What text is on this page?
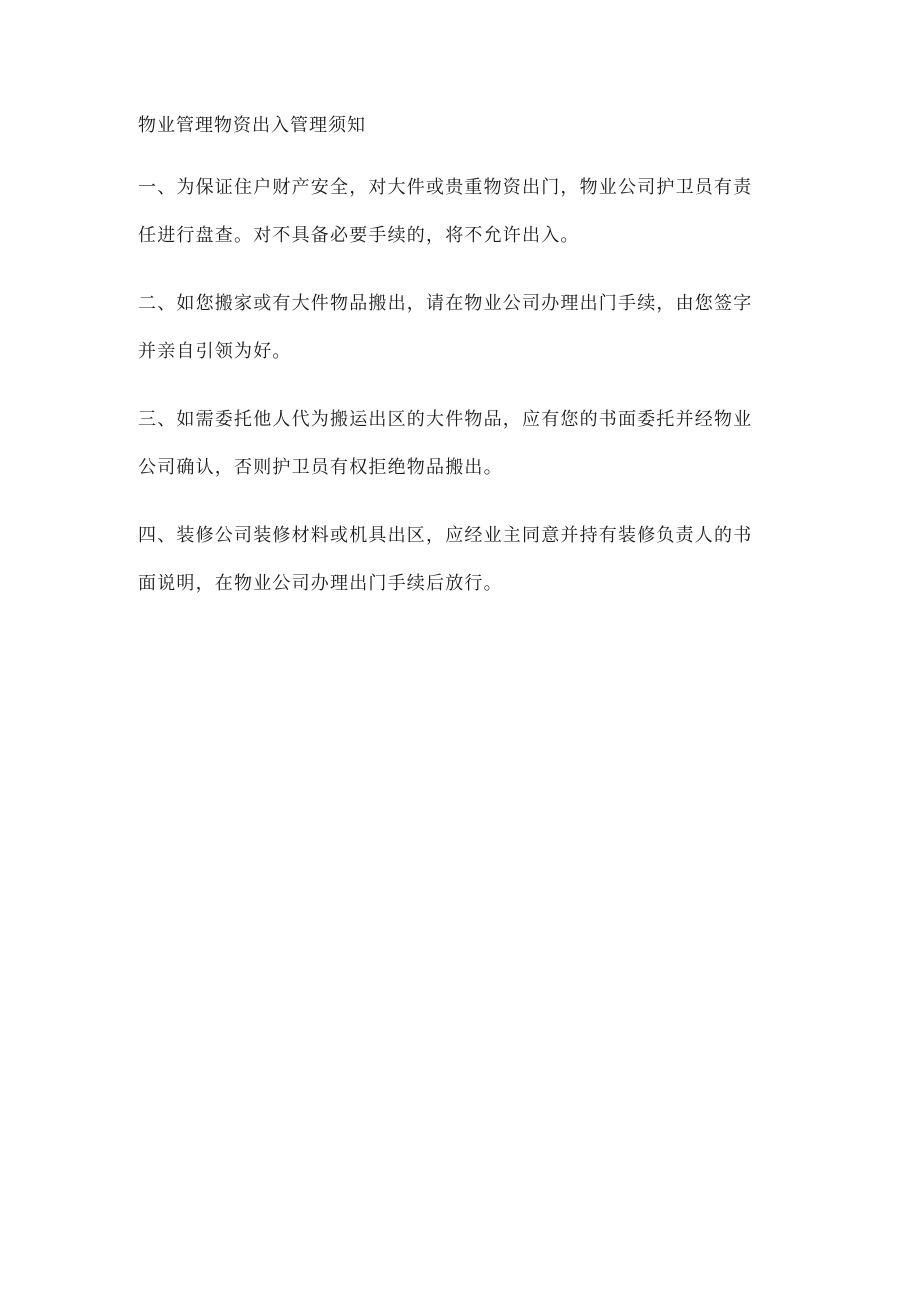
物业管理物资出入管理须知

一、为保证住户财产安全，对大件或贵重物资出门，物业公司护卫员有责
任进行盘查。对不具备必要手续的，将不允许出入。

二、如您搬家或有大件物品搬出，请在物业公司办理出门手续，由您签字
并亲自引领为好。

三、如需委托他人代为搬运出区的大件物品，应有您的书面委托并经物业
公司确认，否则护卫员有权拒绝物品搬出。

四、装修公司装修材料或机具出区，应经业主同意并持有装修负责人的书
面说明，在物业公司办理出门手续后放行。
